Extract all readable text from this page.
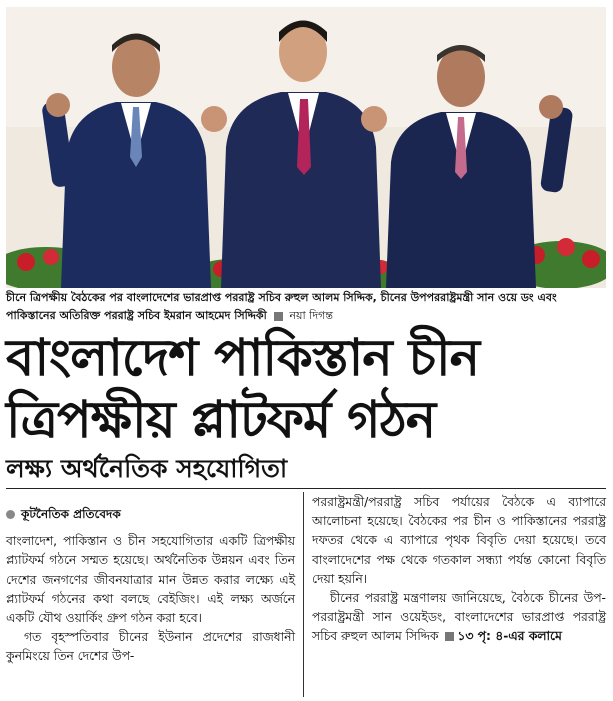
চীনে ত্রিপক্ষীয় বৈঠকের পর বাংলাদেশের ভারপ্রাপ্ত পররাষ্ট্র সচিব রুহুল আলম সিদ্দিক, চীনের উপপররাষ্ট্রমন্ত্রী সান ওয়ে ডং এবং পাকিস্তানের অতিরিক্ত পররাষ্ট্র সচিব ইমরান আহমেদ সিদ্দিকী নয়া দিগন্ত
বাংলাদেশ পাকিস্তান চীন
ত্রিপক্ষীয় প্লাটফর্ম গঠন
লক্ষ্য অর্থনৈতিক সহযোগিতা
কূটনৈতিক প্রতিবেদক

বাংলাদেশ, পাকিস্তান ও চীন সহযোগিতার একটি ত্রিপক্ষীয় প্ল্যাটফর্ম গঠনে সম্মত হয়েছে। অর্থনৈতিক উন্নয়ন এবং তিন দেশের জনগণের জীবনযাত্রার মান উন্নত করার লক্ষ্যে এই প্ল্যাটফর্ম গঠনের কথা বলছে বেইজিং। এই লক্ষ্য অর্জনে একটি যৌথ ওয়ার্কিং গ্রুপ গঠন করা হবে।

গত বৃহস্পতিবার চীনের ইউনান প্রদেশের রাজধানী কুনমিংয়ে তিন দেশের উপ-

পররাষ্ট্রমন্ত্রী/পররাষ্ট্র সচিব পর্যায়ের বৈঠকে এ ব্যাপারে আলোচনা হয়েছে। বৈঠকের পর চীন ও পাকিস্তানের পররাষ্ট্র দফতর থেকে এ ব্যাপারে পৃথক বিবৃতি দেয়া হয়েছে। তবে বাংলাদেশের পক্ষ থেকে গতকাল সন্ধ্যা পর্যন্ত কোনো বিবৃতি দেয়া হয়নি।

চীনের পররাষ্ট্র মন্ত্রণালয় জানিয়েছে, বৈঠকে চীনের উপ-পররাষ্ট্রমন্ত্রী সান ওয়েইডং, বাংলাদেশের ভারপ্রাপ্ত পররাষ্ট্র সচিব রুহুল আলম সিদ্দিক ১৩ পৃ: ৪-এর কলামে
